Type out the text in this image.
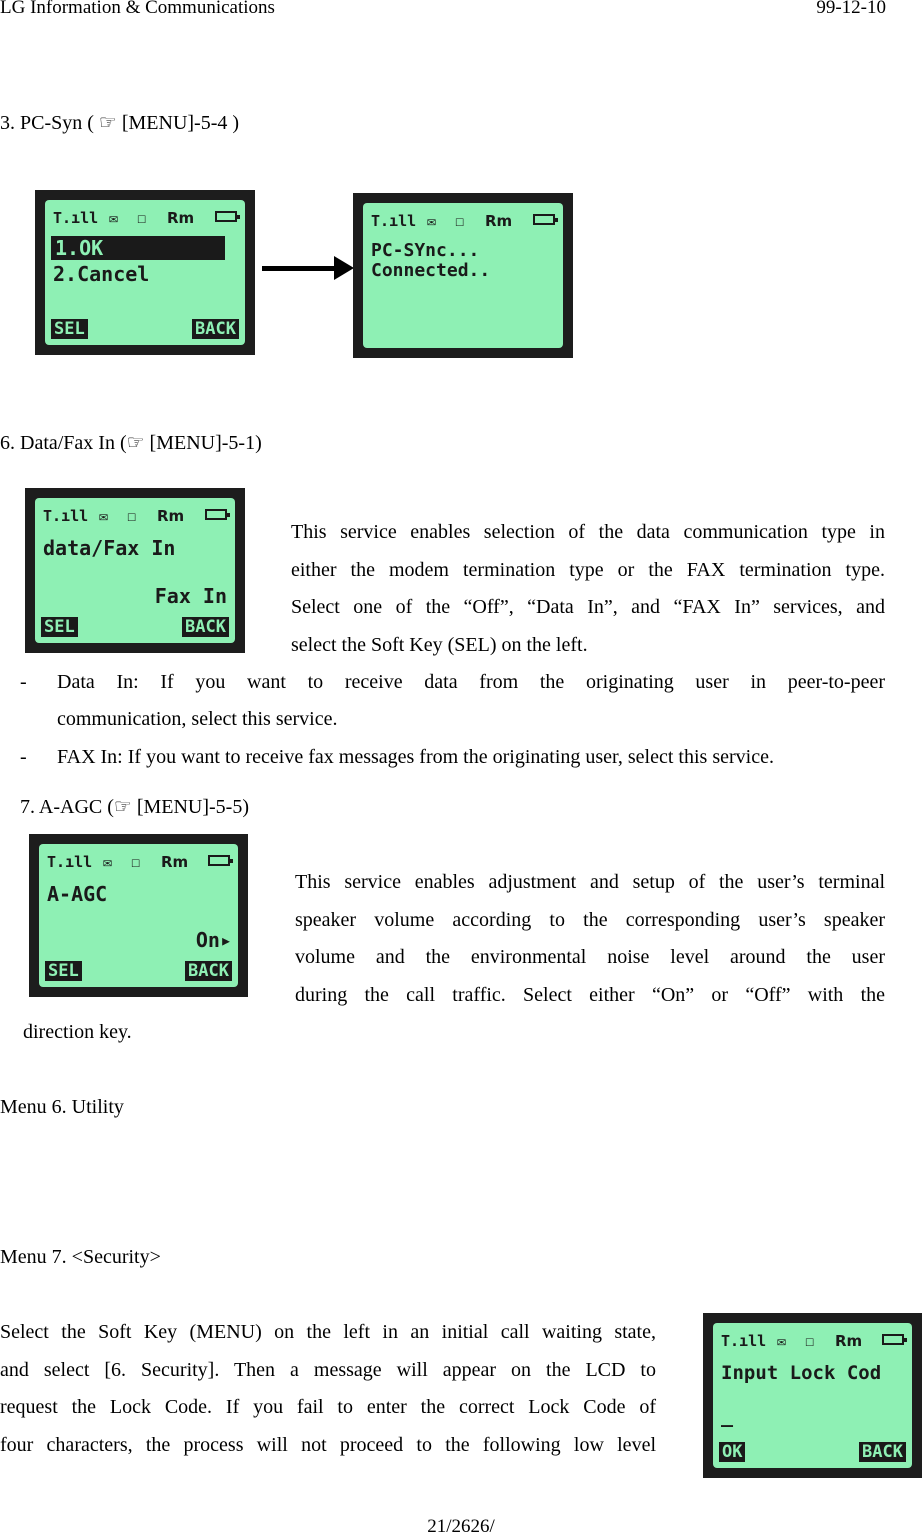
LG Information & Communications	99-12-10
3. PC-Syn ( ☞ [MENU]-5-4 )
T.ıll ✉ ☐ Rm
1.OK
2.Cancel
SEL	BACK
T.ıll ✉ ☐ Rm
PC-SYnc...
Connected..
6. Data/Fax In (☞ [MENU]-5-1)
T.ıll ✉ ☐ Rm
data/Fax In
Fax In
SEL	BACK
This service enables selection of the data communication type in
either the modem termination type or the FAX termination type.
Select one of the “Off”, “Data In”, and “FAX In” services, and
select the Soft Key (SEL) on the left.
- Data In: If you want to receive data from the originating user in peer-to-peer
communication, select this service.
- FAX In: If you want to receive fax messages from the originating user, select this service.
7. A-AGC (☞ [MENU]-5-5)
T.ıll ✉ ☐ Rm
A-AGC
On▸
SEL	BACK
This service enables adjustment and setup of the user’s terminal
speaker volume according to the corresponding user’s speaker
volume and the environmental noise level around the user
during the call traffic. Select either “On” or “Off” with the
direction key.
Menu 6. Utility
Menu 7. <Security>
Select the Soft Key (MENU) on the left in an initial call waiting state,
and select [6. Security]. Then a message will appear on the LCD to
request the Lock Code. If you fail to enter the correct Lock Code of
four characters, the process will not proceed to the following low level
T.ıll ✉ ☐ Rm
Input Lock Cod
_
OK	BACK
21/2626/
